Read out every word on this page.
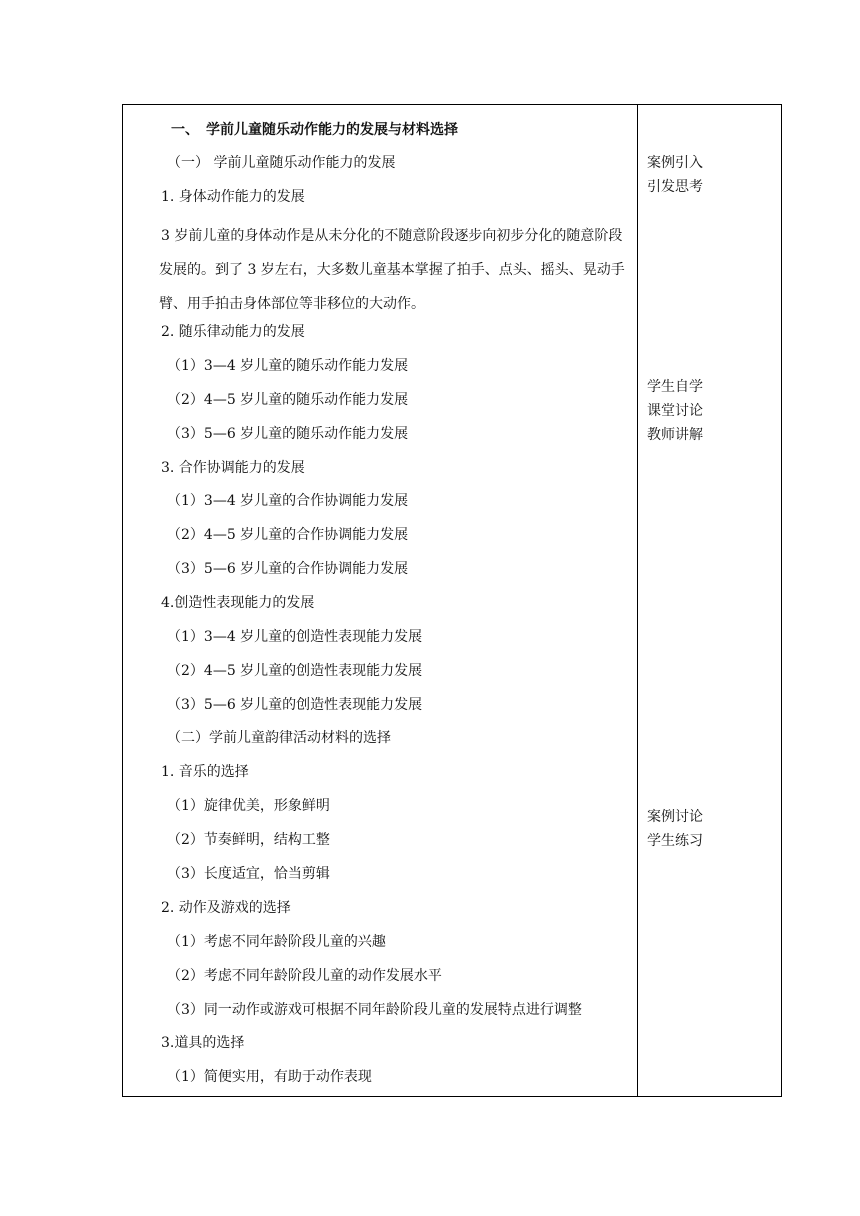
一、　学前儿童随乐动作能力的发展与材料选择
（一） 学前儿童随乐动作能力的发展
1. 身体动作能力的发展
3 岁前儿童的身体动作是从未分化的不随意阶段逐步向初步分化的随意阶段发展的。到了 3 岁左右，大多数儿童基本掌握了拍手、点头、摇头、晃动手臂、用手拍击身体部位等非移位的大动作。
2. 随乐律动能力的发展
（1）3—4 岁儿童的随乐动作能力发展
（2）4—5 岁儿童的随乐动作能力发展
（3）5—6 岁儿童的随乐动作能力发展
3. 合作协调能力的发展
（1）3—4 岁儿童的合作协调能力发展
（2）4—5 岁儿童的合作协调能力发展
（3）5—6 岁儿童的合作协调能力发展
4.创造性表现能力的发展
（1）3—4 岁儿童的创造性表现能力发展
（2）4—5 岁儿童的创造性表现能力发展
（3）5—6 岁儿童的创造性表现能力发展
（二）学前儿童韵律活动材料的选择
1. 音乐的选择
（1）旋律优美，形象鲜明
（2）节奏鲜明，结构工整
（3）长度适宜，恰当剪辑
2. 动作及游戏的选择
（1）考虑不同年龄阶段儿童的兴趣
（2）考虑不同年龄阶段儿童的动作发展水平
（3）同一动作或游戏可根据不同年龄阶段儿童的发展特点进行调整
3.道具的选择
（1）简便实用，有助于动作表现
案例引入
引发思考
学生自学
课堂讨论
教师讲解
案例讨论
学生练习
